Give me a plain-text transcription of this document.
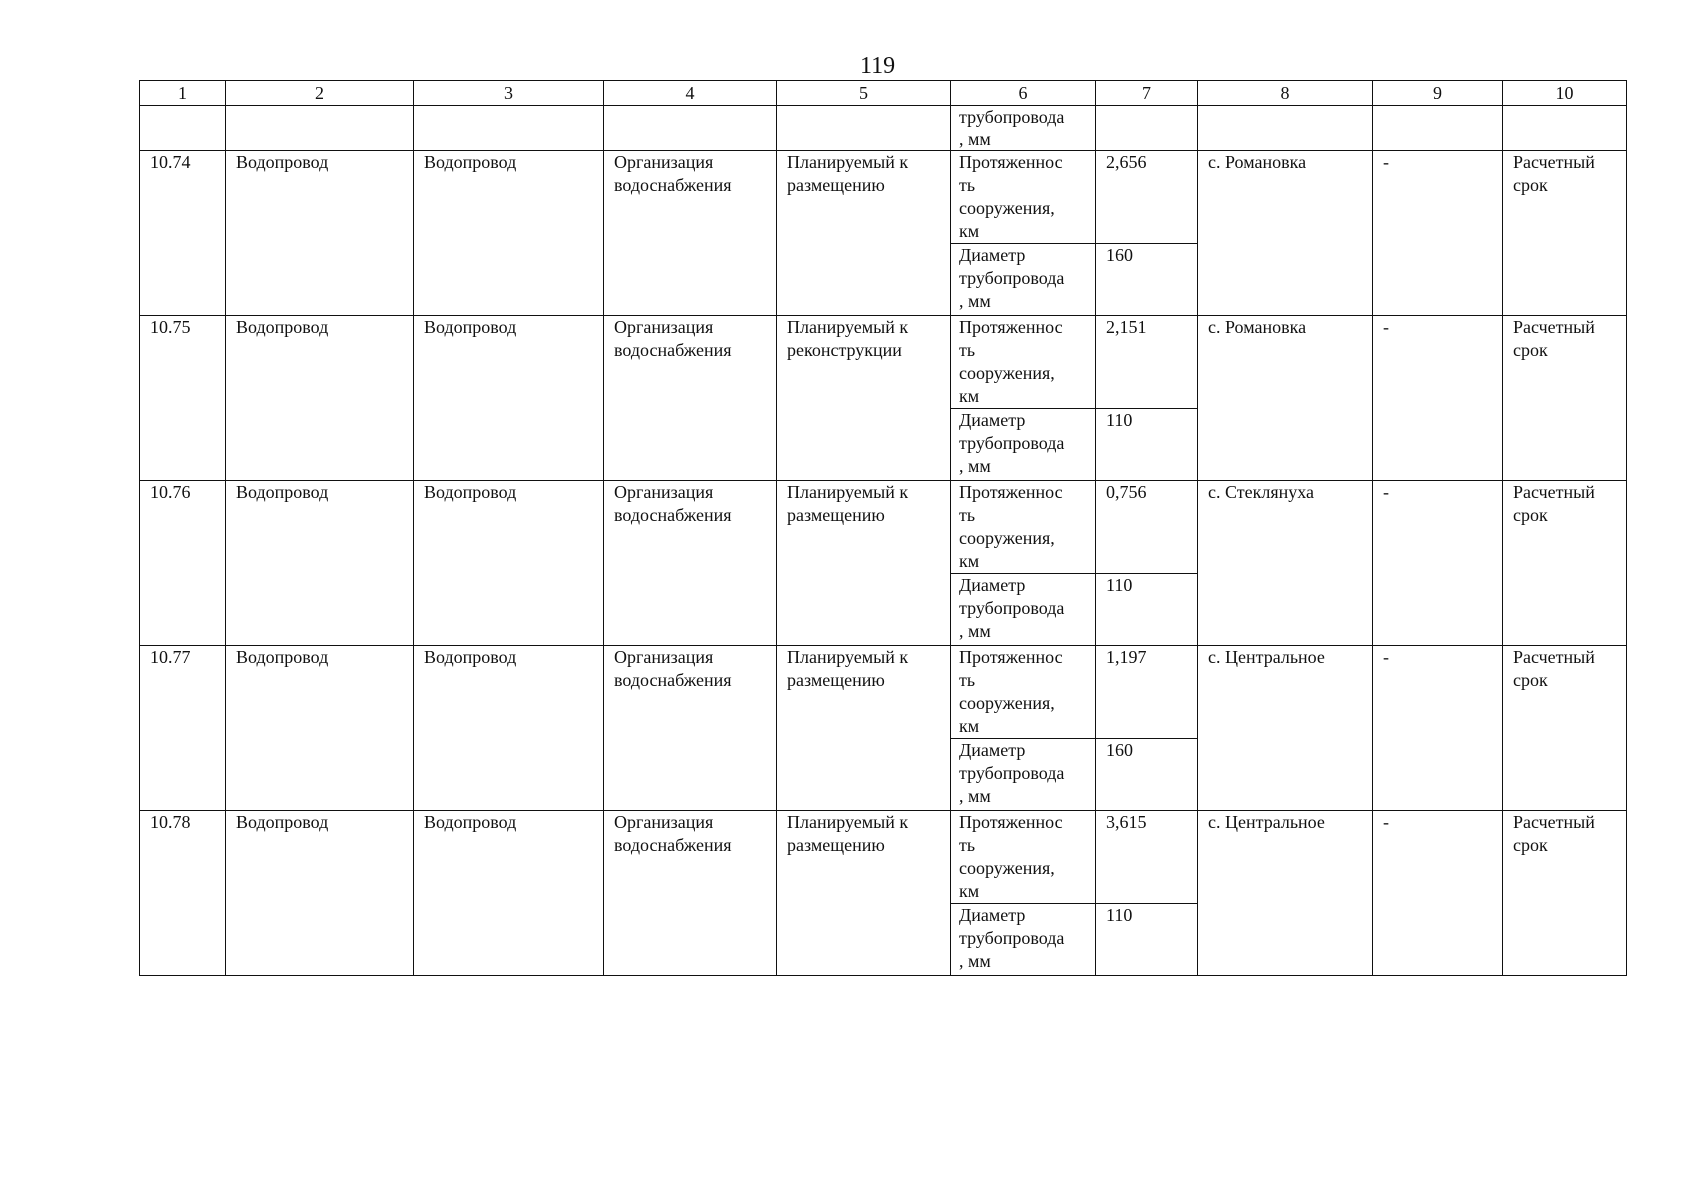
119
1	2	3	4	5	6	7	8	9	10
					трубопровода
, мм				
10.74	Водопровод	Водопровод	Организация водоснабжения	Планируемый к размещению	Протяженнос
ть
сооружения,
км	2,656	с. Романовка	-	Расчетный срок
					Диаметр
трубопровода
, мм	160			
10.75	Водопровод	Водопровод	Организация водоснабжения	Планируемый к реконструкции	Протяженнос
ть
сооружения,
км	2,151	с. Романовка	-	Расчетный срок
					Диаметр
трубопровода
, мм	110			
10.76	Водопровод	Водопровод	Организация водоснабжения	Планируемый к размещению	Протяженнос
ть
сооружения,
км	0,756	с. Стеклянуха	-	Расчетный срок
					Диаметр
трубопровода
, мм	110			
10.77	Водопровод	Водопровод	Организация водоснабжения	Планируемый к размещению	Протяженнос
ть
сооружения,
км	1,197	с. Центральное	-	Расчетный срок
					Диаметр
трубопровода
, мм	160			
10.78	Водопровод	Водопровод	Организация водоснабжения	Планируемый к размещению	Протяженнос
ть
сооружения,
км	3,615	с. Центральное	-	Расчетный срок
					Диаметр
трубопровода
, мм	110			
